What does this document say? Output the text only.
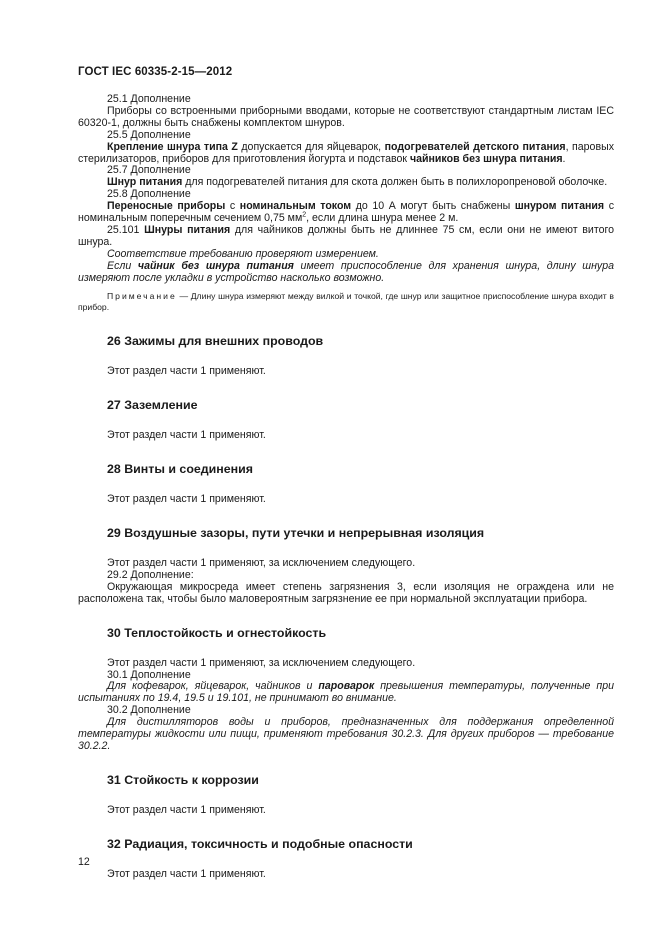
ГОСТ IEC 60335-2-15—2012

25.1 Дополнение

Приборы со встроенными приборными вводами, которые не соответствуют стандартным листам IEC 60320-1, должны быть снабжены комплектом шнуров.

25.5 Дополнение

Крепление шнура типа Z допускается для яйцеварок, подогревателей детского питания, паровых стерилизаторов, приборов для приготовления йогурта и подставок чайников без шнура питания.

25.7 Дополнение

Шнур питания для подогревателей питания для скота должен быть в полихлоропреновой оболочке.

25.8 Дополнение

Переносные приборы с номинальным током до 10 А могут быть снабжены шнуром питания с номинальным поперечным сечением 0,75 $мм^2$, если длина шнура менее 2 м.

25.101 Шнуры питания для чайников должны быть не длиннее 75 см, если они не имеют витого шнура.

Соответствие требованию проверяют измерением.

Если чайник без шнура питания имеет приспособление для хранения шнура, длину шнура измеряют после укладки в устройство насколько возможно.

Примечание — Длину шнура измеряют между вилкой и точкой, где шнур или защитное приспособление шнура входит в прибор.

26 Зажимы для внешних проводов

Этот раздел части 1 применяют.

27 Заземление

Этот раздел части 1 применяют.

28 Винты и соединения

Этот раздел части 1 применяют.

29 Воздушные зазоры, пути утечки и непрерывная изоляция

Этот раздел части 1 применяют, за исключением следующего.

29.2 Дополнение:

Окружающая микросреда имеет степень загрязнения 3, если изоляция не ограждена или не расположена так, чтобы было маловероятным загрязнение ее при нормальной эксплуатации прибора.

30 Теплостойкость и огнестойкость

Этот раздел части 1 применяют, за исключением следующего.

30.1 Дополнение

Для кофеварок, яйцеварок, чайников и пароварок превышения температуры, полученные при испытаниях по 19.4, 19.5 и 19.101, не принимают во внимание.

30.2 Дополнение

Для дистилляторов воды и приборов, предназначенных для поддержания определенной температуры жидкости или пищи, применяют требования 30.2.3. Для других приборов — требование 30.2.2.

31 Стойкость к коррозии

Этот раздел части 1 применяют.

32 Радиация, токсичность и подобные опасности

Этот раздел части 1 применяют.

12
